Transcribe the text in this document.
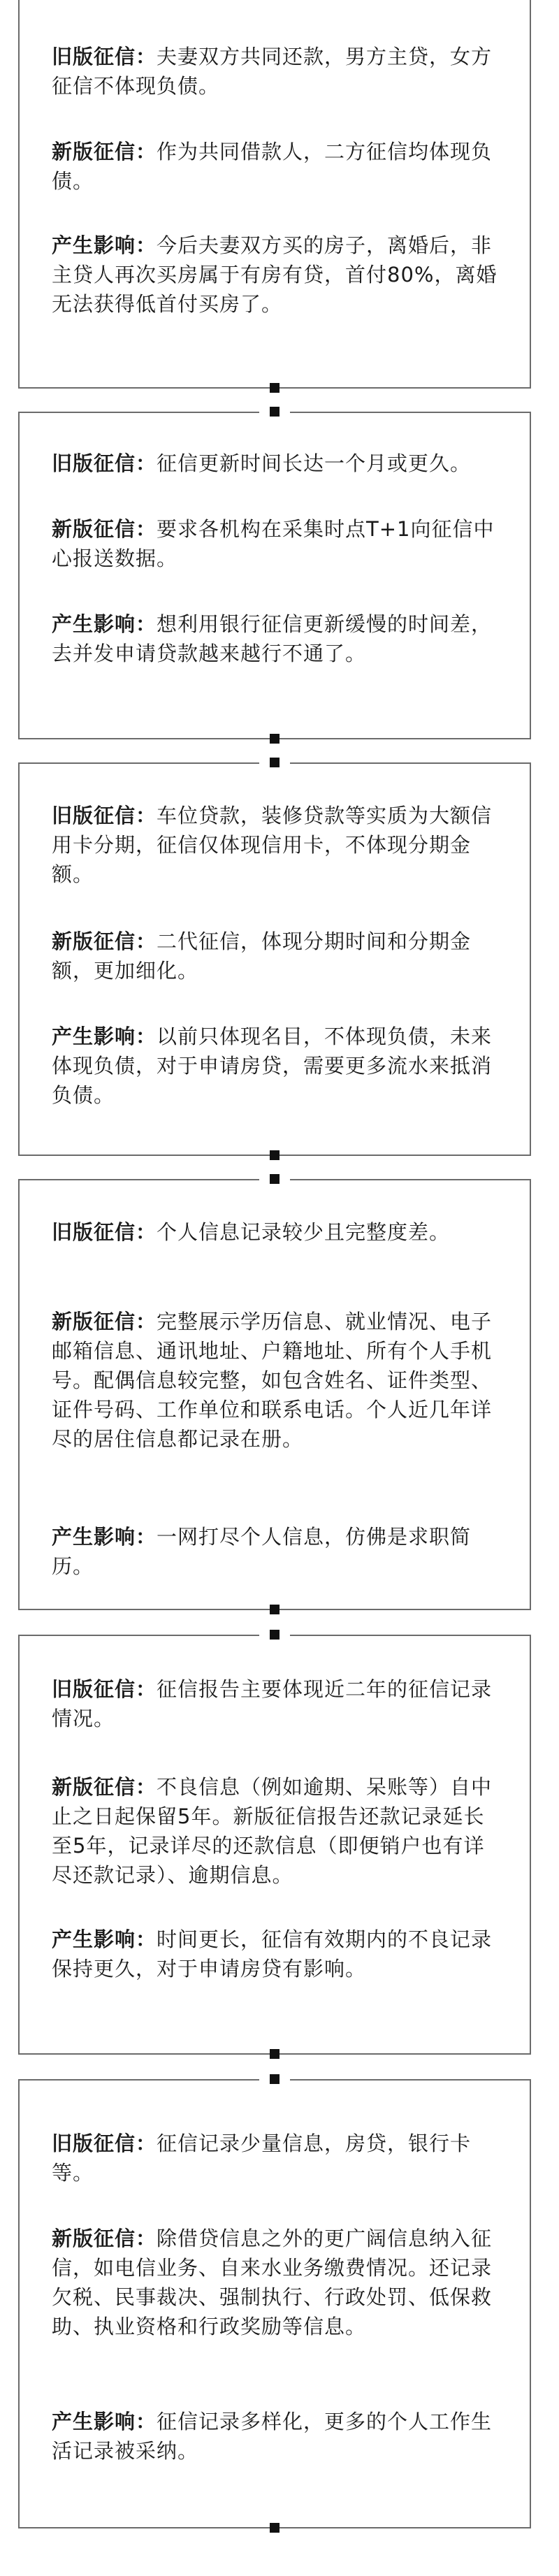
旧版征信：夫妻双方共同还款，男方主贷，女方征信不体现负债。

新版征信：作为共同借款人，二方征信均体现负债。

产生影响：今后夫妻双方买的房子，离婚后，非主贷人再次买房属于有房有贷，首付80%，离婚无法获得低首付买房了。

旧版征信：征信更新时间长达一个月或更久。

新版征信：要求各机构在采集时点T+1向征信中心报送数据。

产生影响：想利用银行征信更新缓慢的时间差，去并发申请贷款越来越行不通了。

旧版征信：车位贷款，装修贷款等实质为大额信用卡分期，征信仅体现信用卡，不体现分期金额。

新版征信：二代征信，体现分期时间和分期金额，更加细化。

产生影响：以前只体现名目，不体现负债，未来体现负债，对于申请房贷，需要更多流水来抵消负债。

旧版征信：个人信息记录较少且完整度差。

新版征信：完整展示学历信息、就业情况、电子邮箱信息、通讯地址、户籍地址、所有个人手机号。配偶信息较完整，如包含姓名、证件类型、证件号码、工作单位和联系电话。个人近几年详尽的居住信息都记录在册。

产生影响：一网打尽个人信息，仿佛是求职简历。

旧版征信：征信报告主要体现近二年的征信记录情况。

新版征信：不良信息（例如逾期、呆账等）自中止之日起保留5年。新版征信报告还款记录延长至5年，记录详尽的还款信息（即便销户也有详尽还款记录）、逾期信息。

产生影响：时间更长，征信有效期内的不良记录保持更久，对于申请房贷有影响。

旧版征信：征信记录少量信息，房贷，银行卡等。

新版征信：除借贷信息之外的更广阔信息纳入征信，如电信业务、自来水业务缴费情况。还记录欠税、民事裁决、强制执行、行政处罚、低保救助、执业资格和行政奖励等信息。

产生影响：征信记录多样化，更多的个人工作生活记录被采纳。
